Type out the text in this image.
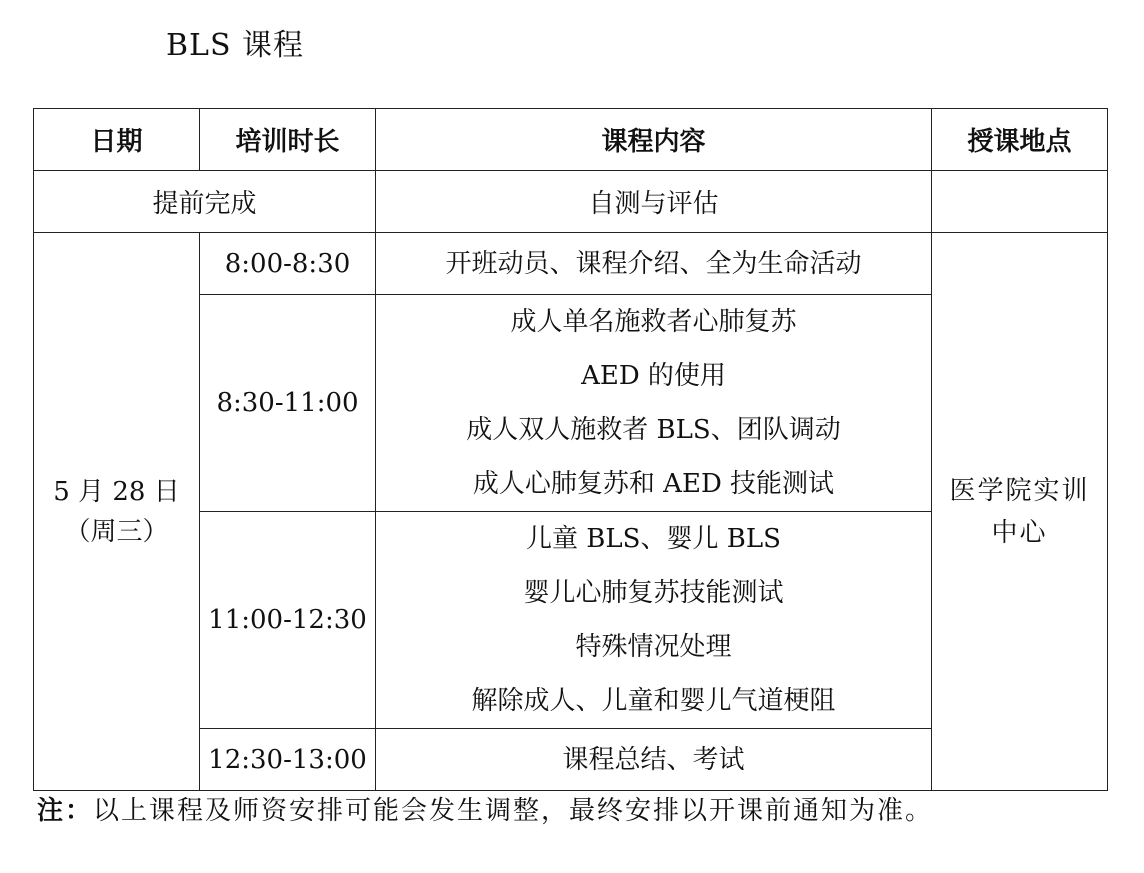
BLS 课程
日期	培训时长	课程内容	授课地点
提前完成		自测与评估	

5 月 28 日
（周三）	8:00-8:30	开班动员、课程介绍、全为生命活动	医学院实训
中心

	8:30-11:00	成人单名施救者心肺复苏
AED 的使用
成人双人施救者 BLS、团队调动
成人心肺复苏和 AED 技能测试	

	11:00-12:30	儿童 BLS、婴儿 BLS
婴儿心肺复苏技能测试
特殊情况处理
解除成人、儿童和婴儿气道梗阻	

	12:30-13:00	课程总结、考试	
注：以上课程及师资安排可能会发生调整，最终安排以开课前通知为准。
